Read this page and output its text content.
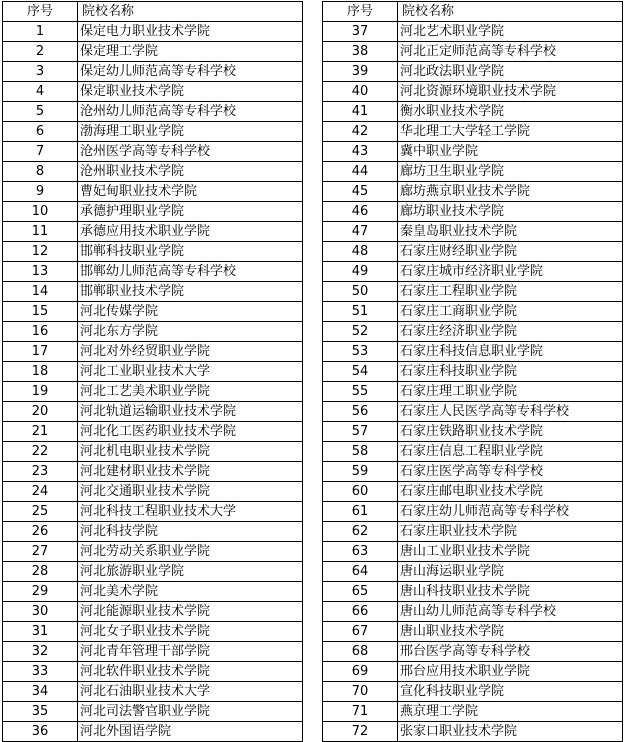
序号	院校名称
1	保定电力职业技术学院
2	保定理工学院
3	保定幼儿师范高等专科学校
4	保定职业技术学院
5	沧州幼儿师范高等专科学校
6	渤海理工职业学院
7	沧州医学高等专科学校
8	沧州职业技术学院
9	曹妃甸职业技术学院
10	承德护理职业学院
11	承德应用技术职业学院
12	邯郸科技职业学院
13	邯郸幼儿师范高等专科学校
14	邯郸职业技术学院
15	河北传媒学院
16	河北东方学院
17	河北对外经贸职业学院
18	河北工业职业技术大学
19	河北工艺美术职业学院
20	河北轨道运输职业技术学院
21	河北化工医药职业技术学院
22	河北机电职业技术学院
23	河北建材职业技术学院
24	河北交通职业技术学院
25	河北科技工程职业技术大学
26	河北科技学院
27	河北劳动关系职业学院
28	河北旅游职业学院
29	河北美术学院
30	河北能源职业技术学院
31	河北女子职业技术学院
32	河北青年管理干部学院
33	河北软件职业技术学院
34	河北石油职业技术大学
35	河北司法警官职业学院
36	河北外国语学院
序号	院校名称
37	河北艺术职业学院
38	河北正定师范高等专科学校
39	河北政法职业学院
40	河北资源环境职业技术学院
41	衡水职业技术学院
42	华北理工大学轻工学院
43	冀中职业学院
44	廊坊卫生职业学院
45	廊坊燕京职业技术学院
46	廊坊职业技术学院
47	秦皇岛职业技术学院
48	石家庄财经职业学院
49	石家庄城市经济职业学院
50	石家庄工程职业学院
51	石家庄工商职业学院
52	石家庄经济职业学院
53	石家庄科技信息职业学院
54	石家庄科技职业学院
55	石家庄理工职业学院
56	石家庄人民医学高等专科学校
57	石家庄铁路职业技术学院
58	石家庄信息工程职业学院
59	石家庄医学高等专科学校
60	石家庄邮电职业技术学院
61	石家庄幼儿师范高等专科学校
62	石家庄职业技术学院
63	唐山工业职业技术学院
64	唐山海运职业学院
65	唐山科技职业技术学院
66	唐山幼儿师范高等专科学校
67	唐山职业技术学院
68	邢台医学高等专科学校
69	邢台应用技术职业学院
70	宣化科技职业学院
71	燕京理工学院
72	张家口职业技术学院
